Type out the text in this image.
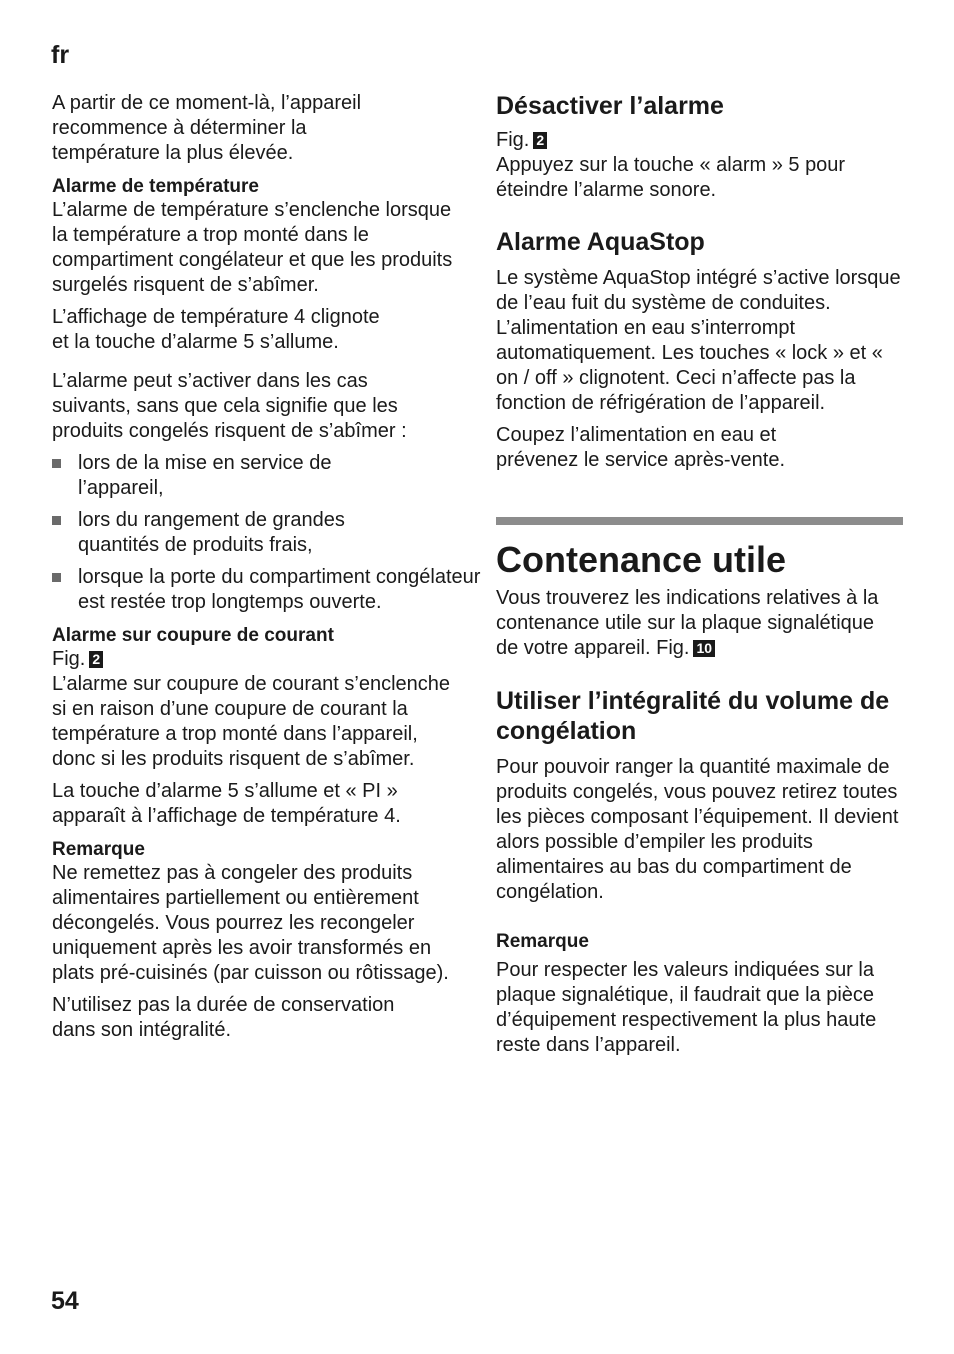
fr

A partir de ce moment-là, l’appareil recommence à déterminer la température la plus élevée.

Alarme de température

L’alarme de température s’enclenche lorsque la température a trop monté dans le compartiment congélateur et que les produits surgelés risquent de s’abîmer.

L’affichage de température 4 clignote et la touche d’alarme 5 s’allume.

L’alarme peut s’activer dans les cas suivants, sans que cela signifie que les produits congelés risquent de s’abîmer :

lors de la mise en service de l’appareil,
lors du rangement de grandes quantités de produits frais,
lorsque la porte du compartiment congélateur est restée trop longtemps ouverte.
Alarme sur coupure de courant

Fig. 2

L’alarme sur coupure de courant s’enclenche si en raison d’une coupure de courant la température a trop monté dans l’appareil, donc si les produits risquent de s’abîmer.

La touche d’alarme 5 s’allume et « PI » apparaît à l’affichage de température 4.

Remarque

Ne remettez pas à congeler des produits alimentaires partiellement ou entièrement décongelés. Vous pourrez les recongeler uniquement après les avoir transformés en plats pré-cuisinés (par cuisson ou rôtissage).

N’utilisez pas la durée de conservation dans son intégralité.

Désactiver l’alarme

Fig. 2

Appuyez sur la touche « alarm » 5 pour éteindre l’alarme sonore.

Alarme AquaStop

Le système AquaStop intégré s’active lorsque de l’eau fuit du système de conduites. L’alimentation en eau s’interrompt automatiquement. Les touches « lock » et « on / off » clignotent. Ceci n’affecte pas la fonction de réfrigération de l’appareil.

Coupez l’alimentation en eau et prévenez le service après-vente.

Contenance utile

Vous trouverez les indications relatives à la contenance utile sur la plaque signalétique de votre appareil. Fig. 10

Utiliser l’intégralité du volume de congélation

Pour pouvoir ranger la quantité maximale de produits congelés, vous pouvez retirez toutes les pièces composant l’équipement. Il devient alors possible d’empiler les produits alimentaires au bas du compartiment de congélation.

Remarque

Pour respecter les valeurs indiquées sur la plaque signalétique, il faudrait que la pièce d’équipement respectivement la plus haute reste dans l’appareil.

54
